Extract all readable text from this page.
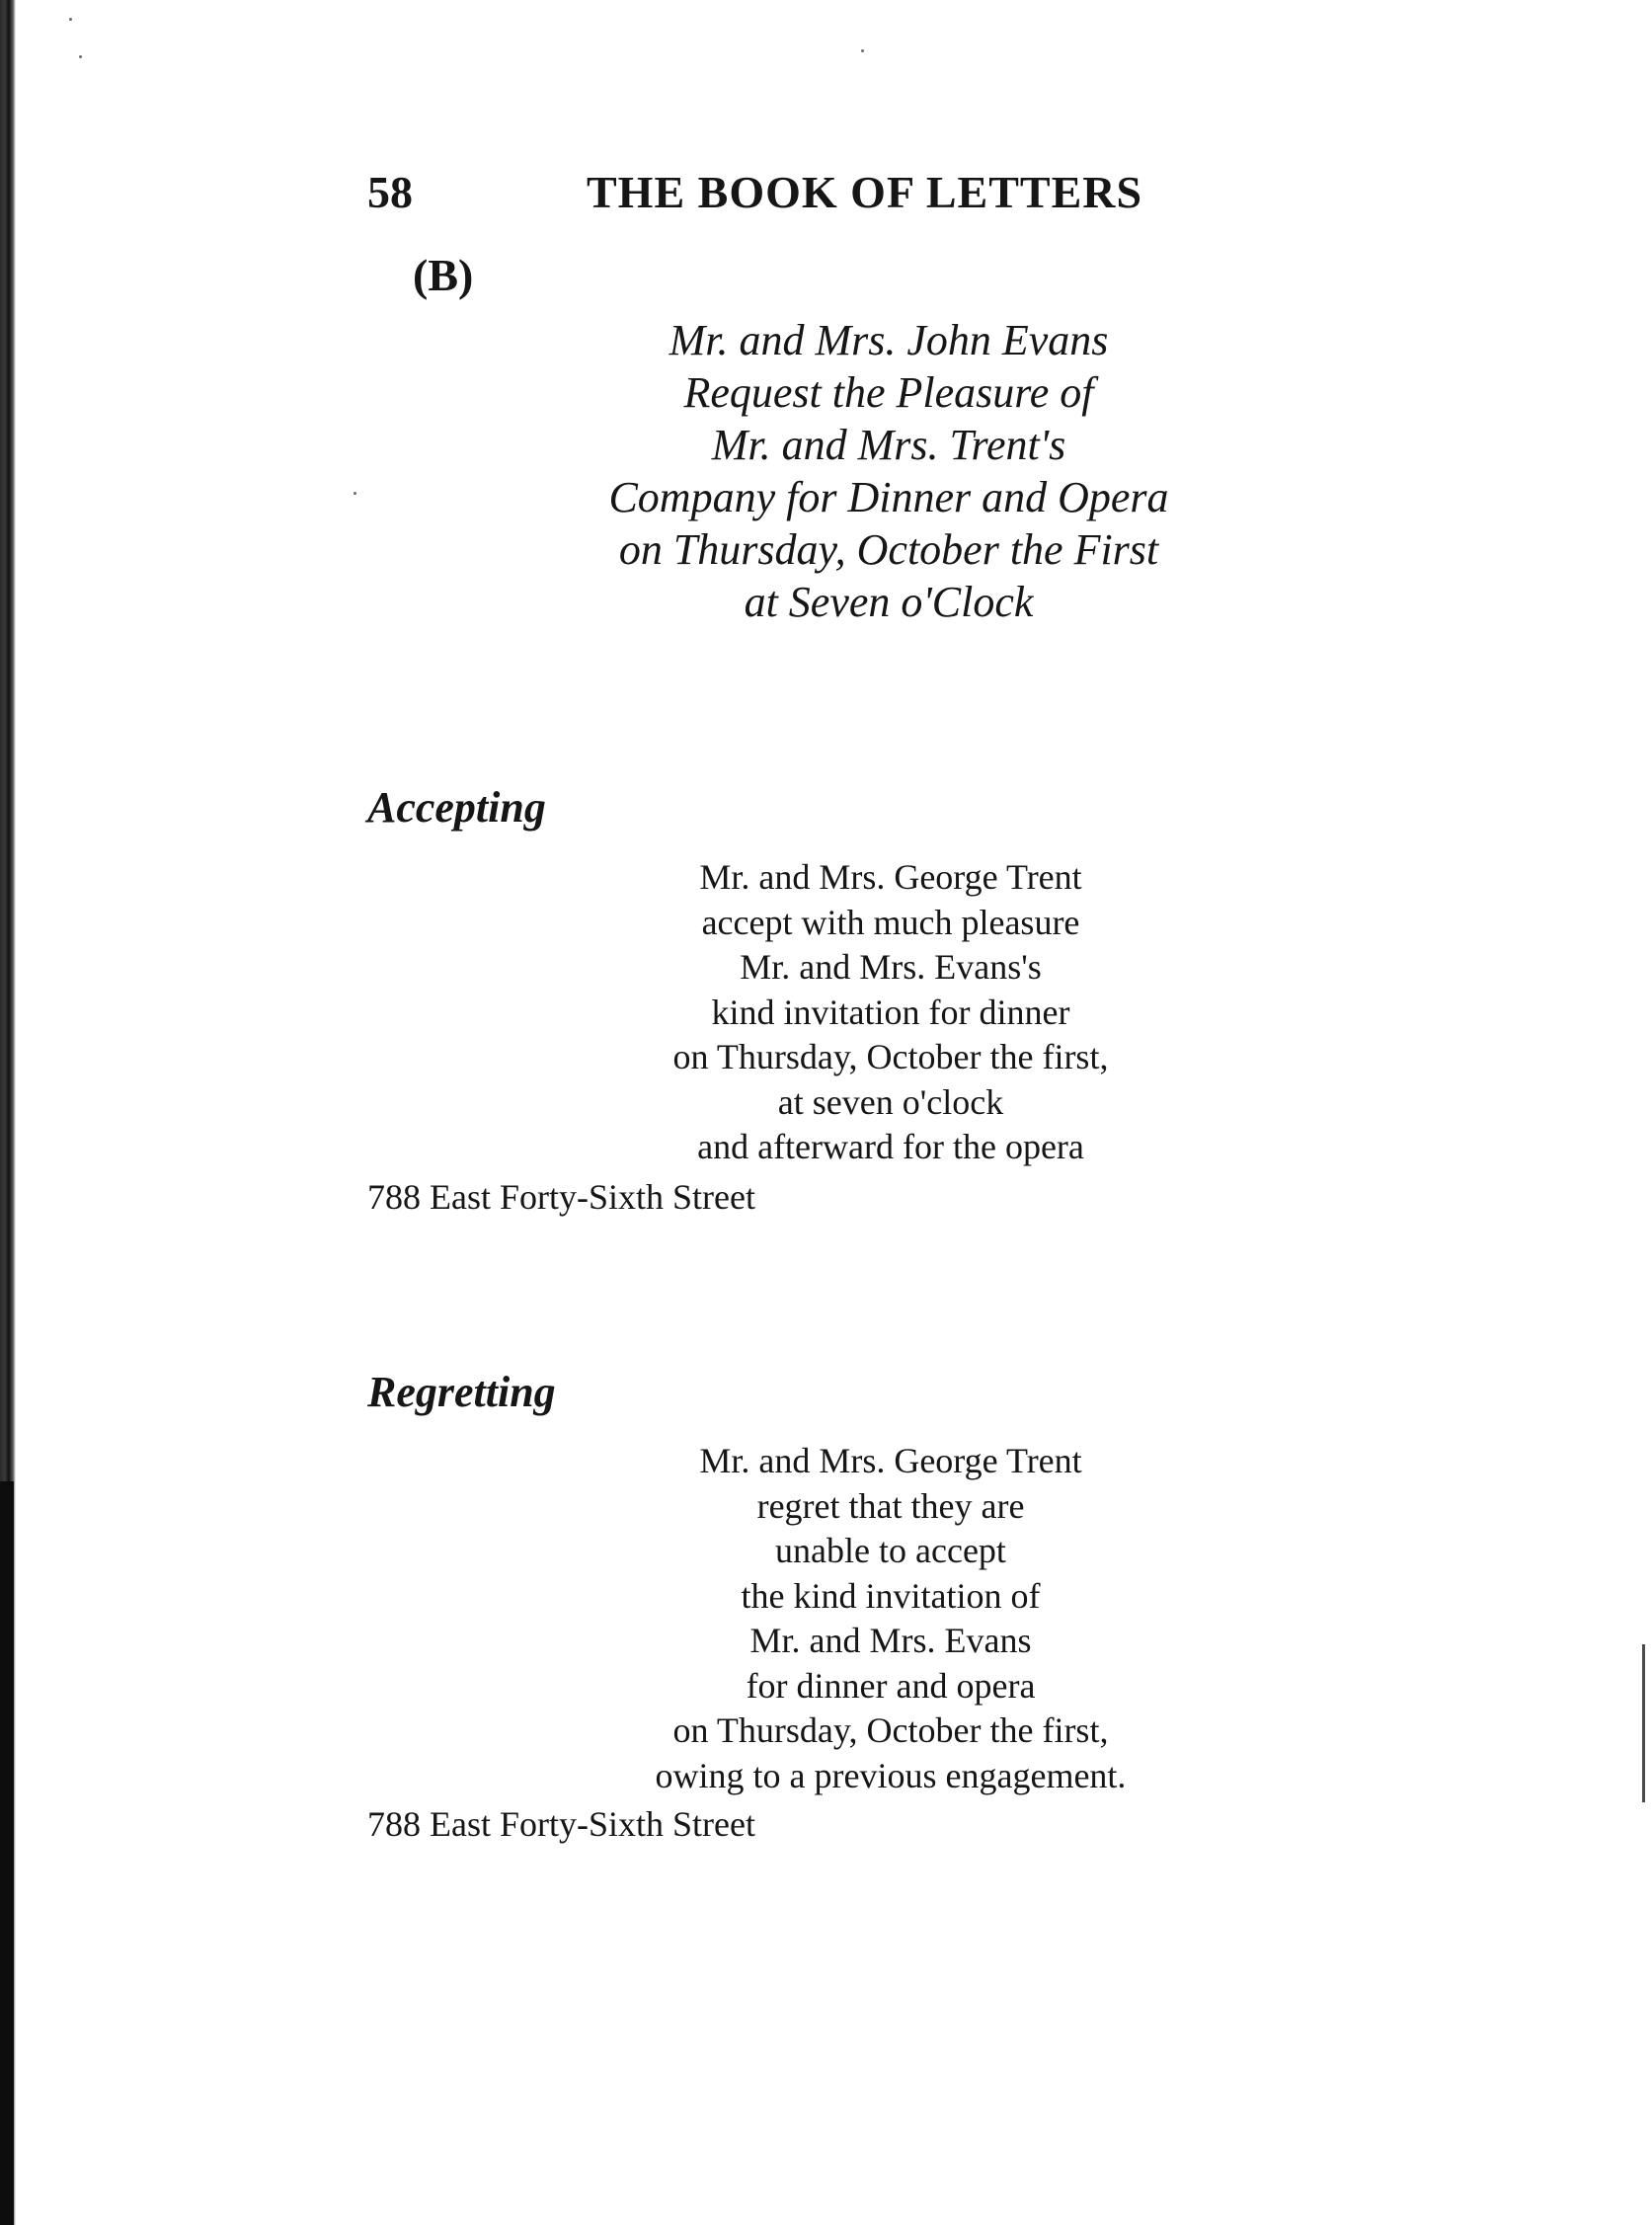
58	THE BOOK OF LETTERS
(B)
Mr. and Mrs. John Evans
Request the Pleasure of
Mr. and Mrs. Trent's
Company for Dinner and Opera
on Thursday, October the First
at Seven o'Clock
Accepting
Mr. and Mrs. George Trent
accept with much pleasure
Mr. and Mrs. Evans's
kind invitation for dinner
on Thursday, October the first,
at seven o'clock
and afterward for the opera
788 East Forty-Sixth Street
Regretting
Mr. and Mrs. George Trent
regret that they are
unable to accept
the kind invitation of
Mr. and Mrs. Evans
for dinner and opera
on Thursday, October the first,
owing to a previous engagement.
788 East Forty-Sixth Street
